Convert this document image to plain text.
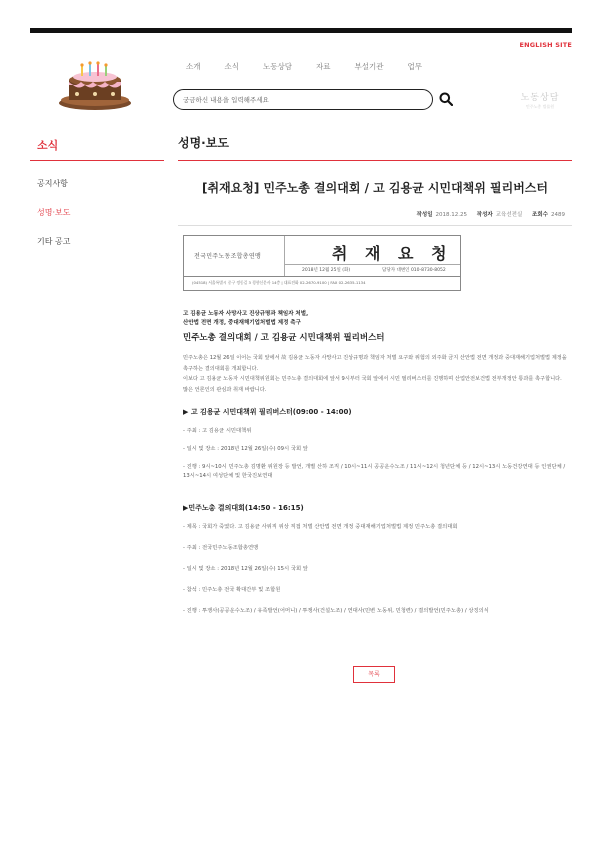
ENGLISH SITE
소개	소식	노동상담	자료	부설기관	업무
궁금하신 내용을 입력해주세요	노동상담
민주노총 법률원
소식
공지사항
성명·보도
기타 공고
성명·보도
[취재요청] 민주노총 결의대회 / 고 김용균 시민대책위 필리버스터
작성일 2018.12.25 작성자 교육선전실 조회수 2489
전국민주노동조합총연맹	취 재 요 청
2018년 12월 25일 (화)	담당자 대변인 010-8730-8052
(04518) 서울특별시 중구 정동길 3 경향신문사 14층 | 대표전화 02-2670-9100 | FAX 02-2635-1134
고 김용균 노동자 사망사고 진상규명과 책임자 처벌,
산안법 전면 개정, 중대재해기업처벌법 제정 촉구
민주노총 결의대회 / 고 김용균 시민대책위 필리버스터
민주노총은 12월 26일 이어는 국회 앞에서 故 김용균 노동자 사망사고 진상규명과 책임자 처벌 요구와 위험의 외주화 금지 산안법 전면 개정과 중대재해기업처벌법 제정을 촉구하는 결의대회를 개최합니다.
이보다 고 김용균 노동자 시민대책위원회는 민주노총 결의대회에 앞서 9시부터 국회 앞에서 시민 필리버스터를 진행하며 산업안전보건법 전부개정안 통과를 촉구합니다.
많은 언론인의 관심과 취재 바랍니다.
▶ 고 김용균 시민대책위 필리버스터(09:00 - 14:00)
- 주최 : 고 김용균 시민대책위
- 일시 및 장소 : 2018년 12월 26일(수) 09시 국회 앞
- 진행 : 9시~10시 민주노총 김명환 위원장 등 발언, 개별 산하 조직 / 10시~11시 공공운수노조 / 11시~12시 청년단체 등 / 12시~13시 노동건강연대 등 인권단체 / 13시~14시 여성단체 및 한국진보연대
▶민주노총 결의대회(14:50 - 16:15)
- 제목 : 국회가 죽였다. 고 김용균 사위직 위상 직접 처벌 산안법 전면 개정 중대재해기업처벌법 제정 민주노총 결의대회
- 주최 : 전국민주노동조합총연맹
- 일시 및 장소 : 2018년 12월 26일(수) 15시 국회 앞
- 참석 : 민주노총 전국 확대간부 및 조합원
- 진행 : 투쟁사(공공운수노조) / 유족발언(어머니) / 투쟁사(건설노조) / 연대사(민변 노동위, 민청련) / 결의발언(민주노총) / 상징의식
목록
